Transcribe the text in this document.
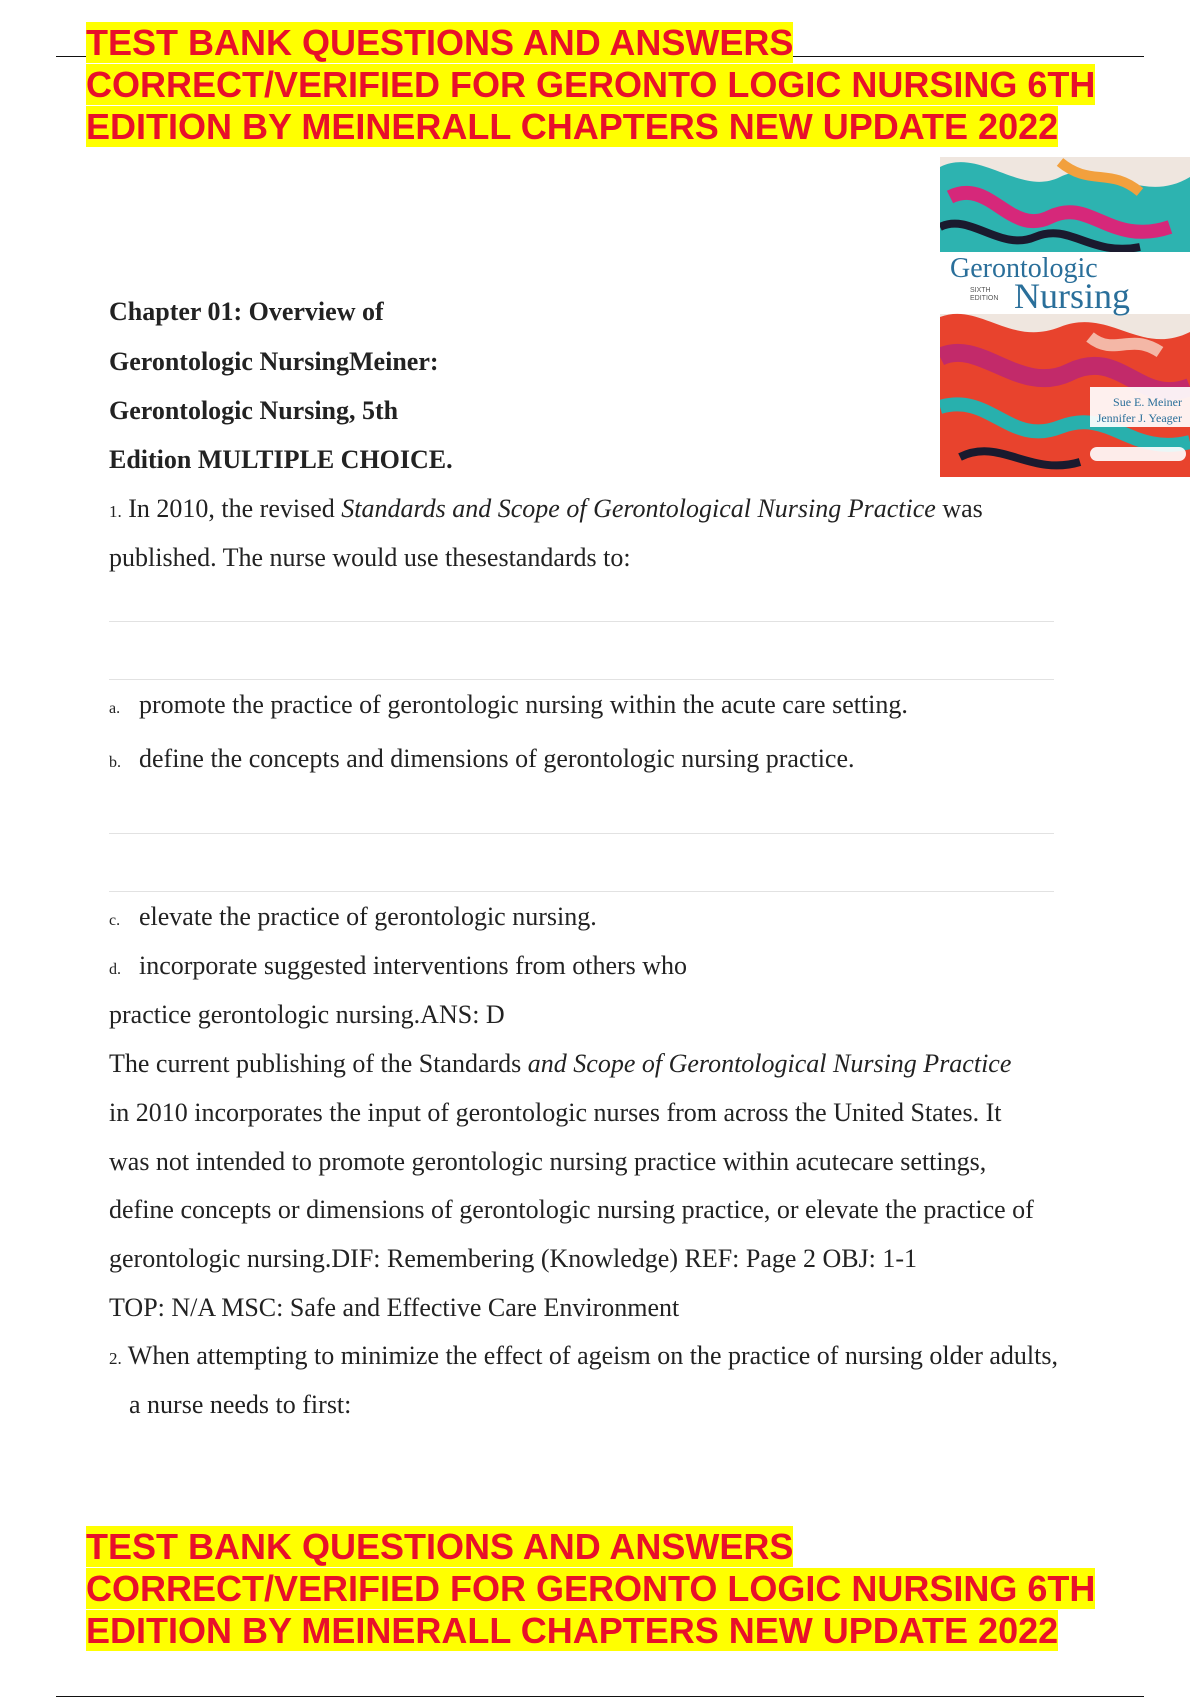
TEST BANK QUESTIONS AND ANSWERS
CORRECT/VERIFIED FOR GERONTO LOGIC NURSING 6TH
EDITION BY MEINERALL CHAPTERS NEW UPDATE 2022
Gerontologic
SIXTH EDITION Nursing
Sue E. Meiner
Jennifer J. Yeager
Chapter 01: Overview of
Gerontologic NursingMeiner:
Gerontologic Nursing, 5th
Edition MULTIPLE CHOICE.
1. In 2010, the revised Standards and Scope of Gerontological Nursing Practice was
published. The nurse would use thesestandards to:
a. promote the practice of gerontologic nursing within the acute care setting.
b. define the concepts and dimensions of gerontologic nursing practice.
c. elevate the practice of gerontologic nursing.
d. incorporate suggested interventions from others who
practice gerontologic nursing.ANS: D
The current publishing of the Standards and Scope of Gerontological Nursing Practice
in 2010 incorporates the input of gerontologic nurses from across the United States. It
was not intended to promote gerontologic nursing practice within acutecare settings,
define concepts or dimensions of gerontologic nursing practice, or elevate the practice of
gerontologic nursing.DIF: Remembering (Knowledge) REF: Page 2 OBJ: 1-1
TOP: N/A MSC: Safe and Effective Care Environment
2. When attempting to minimize the effect of ageism on the practice of nursing older adults,
a nurse needs to first:
TEST BANK QUESTIONS AND ANSWERS
CORRECT/VERIFIED FOR GERONTO LOGIC NURSING 6TH
EDITION BY MEINERALL CHAPTERS NEW UPDATE 2022
